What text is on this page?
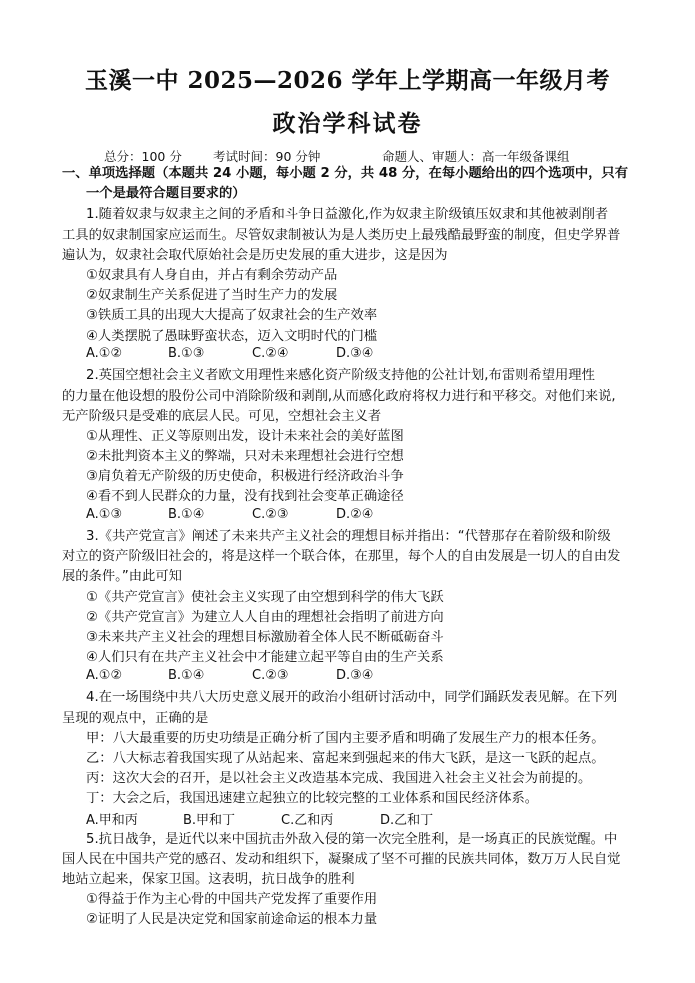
玉溪一中 2025—2026 学年上学期高一年级月考
政治学科试卷
总分：100 分 考试时间：90 分钟	命题人、审题人：高一年级备课组
一、单项选择题（本题共 24 小题，每小题 2 分，共 48 分，在每小题给出的四个选项中，只有
一个是最符合题目要求的）
1.随着奴隶与奴隶主之间的矛盾和斗争日益激化,作为奴隶主阶级镇压奴隶和其他被剥削者
工具的奴隶制国家应运而生。尽管奴隶制被认为是人类历史上最残酷最野蛮的制度，但史学界普
遍认为，奴隶社会取代原始社会是历史发展的重大进步，这是因为
①奴隶具有人身自由，并占有剩余劳动产品
②奴隶制生产关系促进了当时生产力的发展
③铁质工具的出现大大提高了奴隶社会的生产效率
④人类摆脱了愚昧野蛮状态，迈入文明时代的门槛
A.①②	B.①③	C.②④	D.③④
2.英国空想社会主义者欧文用理性来感化资产阶级支持他的公社计划,布雷则希望用理性
的力量在他设想的股份公司中消除阶级和剥削,从而感化政府将权力进行和平移交。对他们来说,
无产阶级只是受难的底层人民。可见，空想社会主义者
①从理性、正义等原则出发，设计未来社会的美好蓝图
②未批判资本主义的弊端，只对未来理想社会进行空想
③肩负着无产阶级的历史使命，积极进行经济政治斗争
④看不到人民群众的力量，没有找到社会变革正确途径
A.①③	B.①④	C.②③	D.②④
3.《共产党宣言》阐述了未来共产主义社会的理想目标并指出：“代替那存在着阶级和阶级
对立的资产阶级旧社会的，将是这样一个联合体，在那里，每个人的自由发展是一切人的自由发
展的条件。”由此可知
①《共产党宣言》使社会主义实现了由空想到科学的伟大飞跃
②《共产党宣言》为建立人人自由的理想社会指明了前进方向
③未来共产主义社会的理想目标激励着全体人民不断砥砺奋斗
④人们只有在共产主义社会中才能建立起平等自由的生产关系
A.①②	B.①④	C.②③	D.③④
4.在一场围绕中共八大历史意义展开的政治小组研讨活动中，同学们踊跃发表见解。在下列
呈现的观点中，正确的是
甲：八大最重要的历史功绩是正确分析了国内主要矛盾和明确了发展生产力的根本任务。
乙：八大标志着我国实现了从站起来、富起来到强起来的伟大飞跃，是这一飞跃的起点。
丙：这次大会的召开，是以社会主义改造基本完成、我国进入社会主义社会为前提的。
丁：大会之后，我国迅速建立起独立的比较完整的工业体系和国民经济体系。
A.甲和丙	B.甲和丁	C.乙和丙	D.乙和丁
5.抗日战争，是近代以来中国抗击外敌入侵的第一次完全胜利，是一场真正的民族觉醒。中
国人民在中国共产党的感召、发动和组织下，凝聚成了坚不可摧的民族共同体，数万万人民自觉
地站立起来，保家卫国。这表明，抗日战争的胜利
①得益于作为主心骨的中国共产党发挥了重要作用
②证明了人民是决定党和国家前途命运的根本力量
